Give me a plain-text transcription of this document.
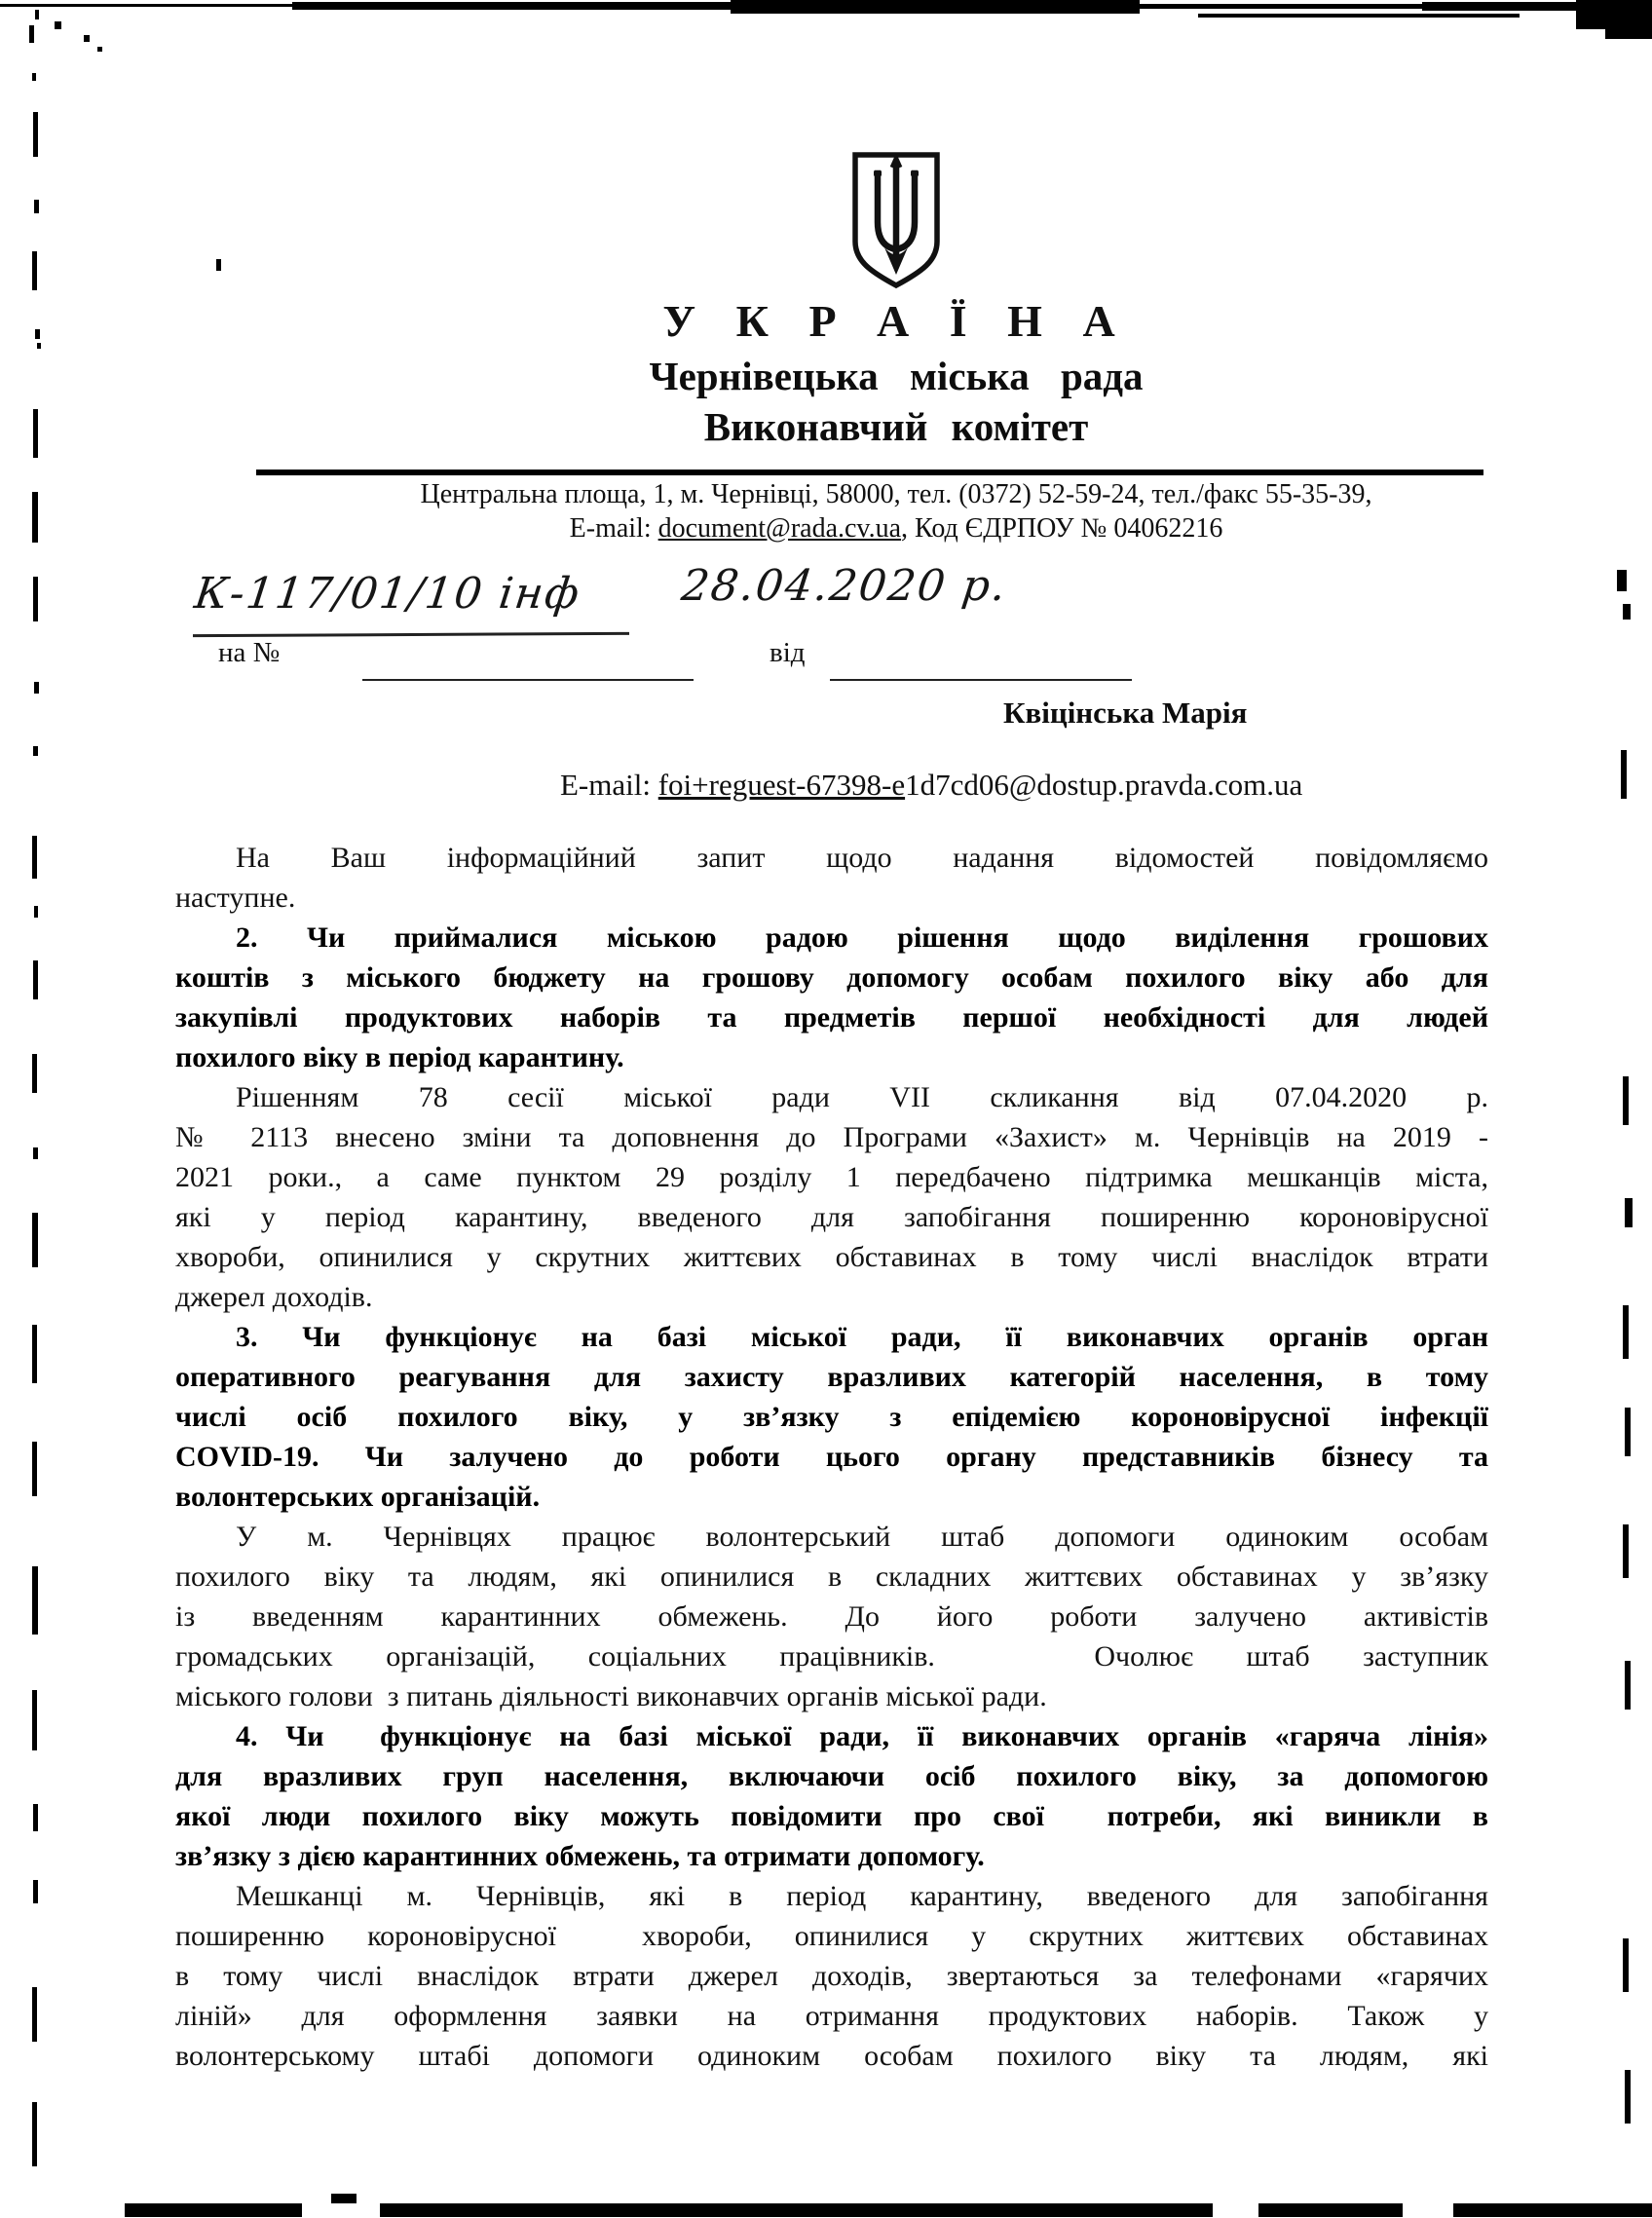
У К Р А Ї Н А
Чернівецька міська рада
Виконавчий комітет
Центральна площа, 1, м. Чернівці, 58000, тел. (0372) 52-59-24, тел./факс 55-35-39,
E-mail: document@rada.cv.ua, Код ЄДРПОУ № 04062216
К-117/01/10 інф 28.04.2020 р.
на №	від
Квіцінська Марія
E-mail: foi+reguest-67398-e1d7cd06@dostup.pravda.com.ua
На Ваш інформаційний запит щодо надання відомостей повідомляємо
наступне.
2. Чи приймалися міською радою рішення щодо виділення грошових
коштів з міського бюджету на грошову допомогу особам похилого віку або для
закупівлі продуктових наборів та предметів першої необхідності для людей
похилого віку в період карантину.
Рішенням 78 сесії міської ради VII скликання від 07.04.2020 р.
№ 2113 внесено зміни та доповнення до Програми «Захист» м. Чернівців на 2019 -
2021 роки., а саме пунктом 29 розділу 1 передбачено підтримка мешканців міста,
які у період карантину, введеного для запобігання поширенню короновірусної
хвороби, опинилися у скрутних життєвих обставинах в тому числі внаслідок втрати
джерел доходів.
3. Чи функціонує на базі міської ради, її виконавчих органів орган
оперативного реагування для захисту вразливих категорій населення, в тому
числі осіб похилого віку, у зв’язку з епідемією короновірусної інфекції
COVID-19. Чи залучено до роботи цього органу представників бізнесу та
волонтерських організацій.
У м. Чернівцях працює волонтерський штаб допомоги одиноким особам
похилого віку та людям, які опинилися в складних життєвих обставинах у зв’язку
із введенням карантинних обмежень. До його роботи залучено активістів
громадських організацій, соціальних працівників.   Очолює штаб заступник
міського голови  з питань діяльності виконавчих органів міської ради.
4. Чи  функціонує на базі міської ради, її виконавчих органів «гаряча лінія»
для вразливих груп населення, включаючи осіб похилого віку, за допомогою
якої люди похилого віку можуть повідомити про свої  потреби, які виникли в
зв’язку з дією карантинних обмежень, та отримати допомогу.
Мешканці м. Чернівців, які в період карантину, введеного для запобігання
поширенню короновірусної  хвороби, опинилися у скрутних життєвих обставинах
в тому числі внаслідок втрати джерел доходів, звертаються за телефонами «гарячих
ліній» для оформлення заявки на отримання продуктових наборів. Також у
волонтерському штабі допомоги одиноким особам похилого віку та людям, які
